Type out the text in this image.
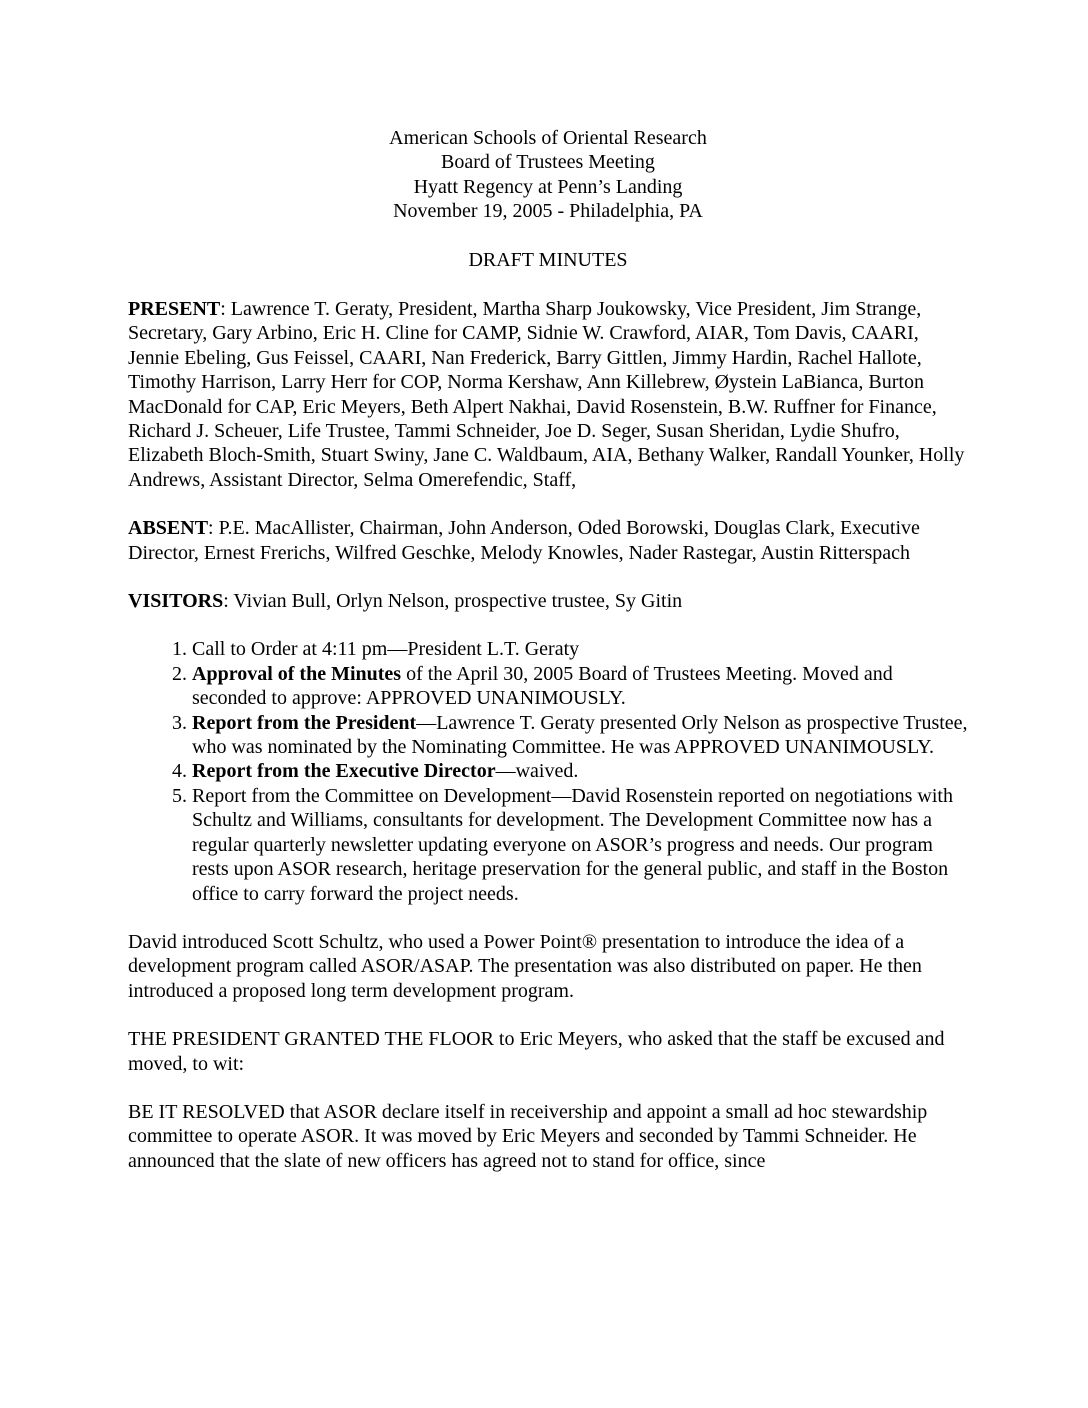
American Schools of Oriental Research
Board of Trustees Meeting
Hyatt Regency at Penn’s Landing
November 19, 2005 - Philadelphia, PA
DRAFT MINUTES

PRESENT: Lawrence T. Geraty, President, Martha Sharp Joukowsky, Vice President, Jim Strange, Secretary, Gary Arbino, Eric H. Cline for CAMP, Sidnie W. Crawford, AIAR, Tom Davis, CAARI, Jennie Ebeling, Gus Feissel, CAARI, Nan Frederick, Barry Gittlen, Jimmy Hardin, Rachel Hallote, Timothy Harrison, Larry Herr for COP, Norma Kershaw, Ann Killebrew, Øystein LaBianca, Burton MacDonald for CAP, Eric Meyers, Beth Alpert Nakhai, David Rosenstein, B.W. Ruffner for Finance, Richard J. Scheuer, Life Trustee, Tammi Schneider, Joe D. Seger, Susan Sheridan, Lydie Shufro, Elizabeth Bloch-Smith, Stuart Swiny, Jane C. Waldbaum, AIA, Bethany Walker, Randall Younker, Holly Andrews, Assistant Director, Selma Omerefendic, Staff,

ABSENT: P.E. MacAllister, Chairman, John Anderson, Oded Borowski, Douglas Clark, Executive Director, Ernest Frerichs, Wilfred Geschke, Melody Knowles, Nader Rastegar, Austin Ritterspach

VISITORS: Vivian Bull, Orlyn Nelson, prospective trustee, Sy Gitin

1. Call to Order at 4:11 pm—President L.T. Geraty
2. Approval of the Minutes of the April 30, 2005 Board of Trustees Meeting. Moved and seconded to approve: APPROVED UNANIMOUSLY.
3. Report from the President—Lawrence T. Geraty presented Orly Nelson as prospective Trustee, who was nominated by the Nominating Committee. He was APPROVED UNANIMOUSLY.
4. Report from the Executive Director—waived.
5. Report from the Committee on Development—David Rosenstein reported on negotiations with Schultz and Williams, consultants for development. The Development Committee now has a regular quarterly newsletter updating everyone on ASOR’s progress and needs. Our program rests upon ASOR research, heritage preservation for the general public, and staff in the Boston office to carry forward the project needs.

David introduced Scott Schultz, who used a Power Point® presentation to introduce the idea of a development program called ASOR/ASAP. The presentation was also distributed on paper. He then introduced a proposed long term development program.

THE PRESIDENT GRANTED THE FLOOR to Eric Meyers, who asked that the staff be excused and moved, to wit:

BE IT RESOLVED that ASOR declare itself in receivership and appoint a small ad hoc stewardship committee to operate ASOR. It was moved by Eric Meyers and seconded by Tammi Schneider. He announced that the slate of new officers has agreed not to stand for office, since
